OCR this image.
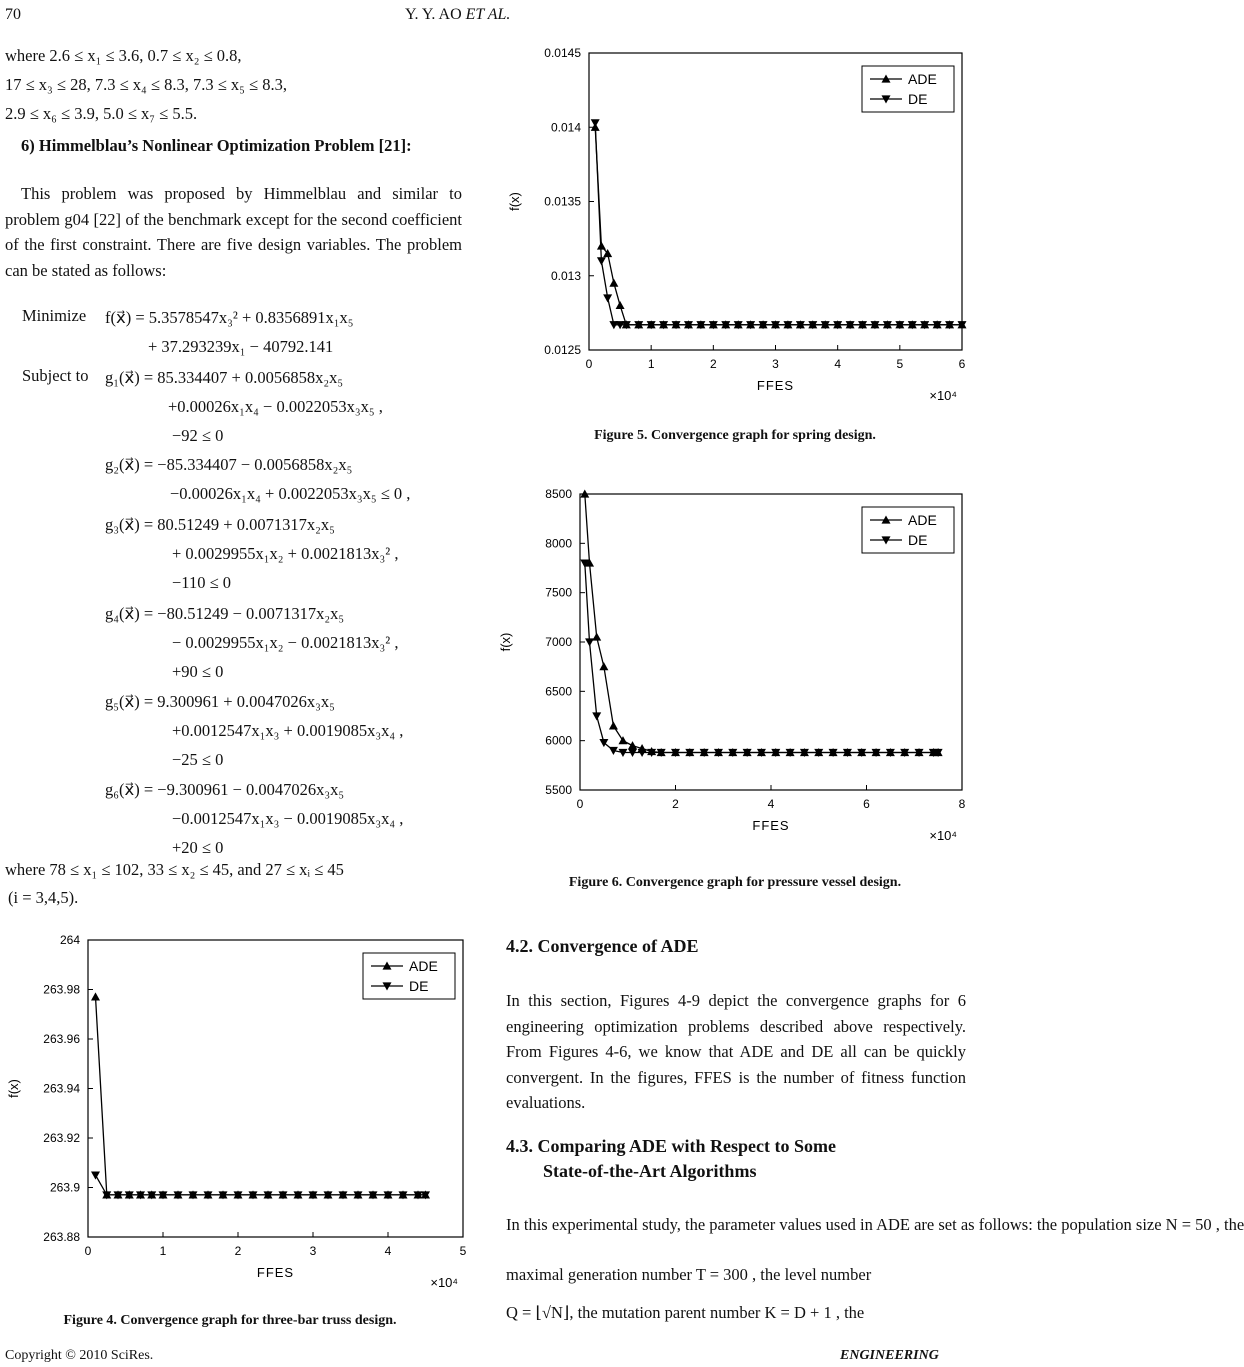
70	Y. Y. AO ET AL.
where 2.6 ≤ x₁ ≤ 3.6, 0.7 ≤ x₂ ≤ 0.8,
17 ≤ x₃ ≤ 28, 7.3 ≤ x₄ ≤ 8.3, 7.3 ≤ x₅ ≤ 8.3,
2.9 ≤ x₆ ≤ 3.9, 5.0 ≤ x₇ ≤ 5.5.
6) Himmelblau’s Nonlinear Optimization Problem [21]:
This problem was proposed by Himmelblau and similar to problem g04 [22] of the benchmark except for the second coefficient of the first constraint. There are five design variables. The problem can be stated as follows:
Minimize f(x⃗) = 5.3578547x₃² + 0.8356891x₁x₅
+ 37.293239x₁ − 40792.141
Subject to g₁(x⃗) = 85.334407 + 0.0056858x₂x₅
+0.00026x₁x₄ − 0.0022053x₃x₅ ,
−92 ≤ 0
g₂(x⃗) = −85.334407 − 0.0056858x₂x₅
−0.00026x₁x₄ + 0.0022053x₃x₅ ≤ 0 ,
g₃(x⃗) = 80.51249 + 0.0071317x₂x₅
+ 0.0029955x₁x₂ + 0.0021813x₃² ,
−110 ≤ 0
g₄(x⃗) = −80.51249 − 0.0071317x₂x₅
− 0.0029955x₁x₂ − 0.0021813x₃² ,
+90 ≤ 0
g₅(x⃗) = 9.300961 + 0.0047026x₃x₅
+0.0012547x₁x₃ + 0.0019085x₃x₄ ,
−25 ≤ 0
g₆(x⃗) = −9.300961 − 0.0047026x₃x₅
−0.0012547x₁x₃ − 0.0019085x₃x₄ ,
+20 ≤ 0
where 78 ≤ x₁ ≤ 102, 33 ≤ x₂ ≤ 45, and 27 ≤ xᵢ ≤ 45
(i = 3,4,5).
0	1	2	3	4	5
263.88
263.9
263.92
263.94
263.96
263.98
264
f(x)
FFES
×10⁴
ADE
DE
Figure 4. Convergence graph for three-bar truss design.
0	1	2	3	4	5	6
0.0125
0.013
0.0135
0.014
0.0145
f(x)
FFES
×10⁴
ADE
DE
Figure 5. Convergence graph for spring design.
0	2	4	6	8
5500
6000
6500
7000
7500
8000
8500
f(x)
FFES
×10⁴
ADE
DE
Figure 6. Convergence graph for pressure vessel design.
4.2. Convergence of ADE
In this section, Figures 4-9 depict the convergence graphs for 6 engineering optimization problems described above respectively. From Figures 4-6, we know that ADE and DE all can be quickly convergent. In the figures, FFES is the number of fitness function evaluations.
4.3. Comparing ADE with Respect to Some
State-of-the-Art Algorithms
In this experimental study, the parameter values used in ADE are set as follows: the population size N = 50 , the
maximal generation number T = 300 , the level number
Q = ⌊√N⌋, the mutation parent number K = D + 1 , the
Copyright © 2010 SciRes.	ENGINEERING
